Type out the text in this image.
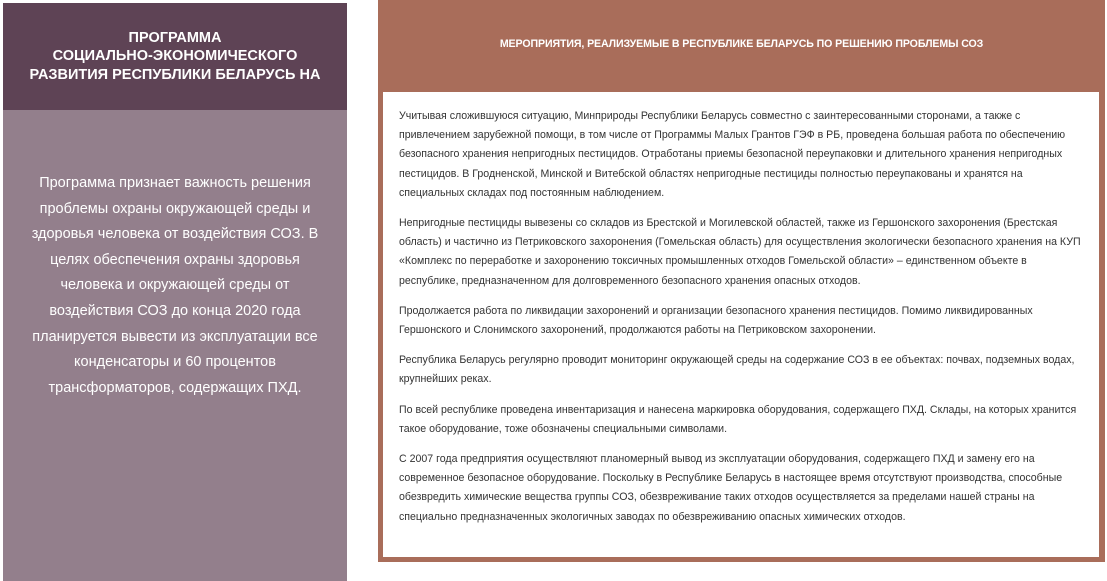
ПРОГРАММА
СОЦИАЛЬНО-ЭКОНОМИЧЕСКОГО
РАЗВИТИЯ РЕСПУБЛИКИ БЕЛАРУСЬ НА
Программа признает важность решения проблемы охраны окружающей среды и здоровья человека от воздействия СОЗ. В целях обеспечения охраны здоровья человека и окружающей среды от воздействия СОЗ до конца 2020 года планируется вывести из эксплуатации все конденсаторы и 60 процентов трансформаторов, содержащих ПХД.
МЕРОПРИЯТИЯ, РЕАЛИЗУЕМЫЕ В РЕСПУБЛИКЕ БЕЛАРУСЬ ПО РЕШЕНИЮ ПРОБЛЕМЫ СОЗ

Учитывая сложившуюся ситуацию, Минприроды Республики Беларусь совместно с заинтересованными сторонами, а также с привлечением зарубежной помощи, в том числе от Программы Малых Грантов ГЭФ в РБ, проведена большая работа по обеспечению безопасного хранения непригодных пестицидов. Отработаны приемы безопасной переупаковки и длительного хранения непригодных пестицидов. В Гродненской, Минской и Витебской областях непригодные пестициды полностью переупакованы и хранятся на специальных складах под постоянным наблюдением.

Непригодные пестициды вывезены со складов из Брестской и Могилевской областей, также из Гершонского захоронения (Брестская область) и частично из Петриковского захоронения (Гомельская область) для осуществления экологически безопасного хранения на КУП «Комплекс по переработке и захоронению токсичных промышленных отходов Гомельской области» – единственном объекте в республике, предназначенном для долговременного безопасного хранения опасных отходов.

Продолжается работа по ликвидации захоронений и организации безопасного хранения пестицидов. Помимо ликвидированных Гершонского и Слонимского захоронений, продолжаются работы на Петриковском захоронении.

Республика Беларусь регулярно проводит мониторинг окружающей среды на содержание СОЗ в ее объектах: почвах, подземных водах, крупнейших реках.

По всей республике проведена инвентаризация и нанесена маркировка оборудования, содержащего ПХД. Склады, на которых хранится такое оборудование, тоже обозначены специальными символами.

С 2007 года предприятия осуществляют планомерный вывод из эксплуатации оборудования, содержащего ПХД и замену его на современное безопасное оборудование. Поскольку в Республике Беларусь в настоящее время отсутствуют производства, способные обезвредить химические вещества группы СОЗ, обезвреживание таких отходов осуществляется за пределами нашей страны на специально предназначенных экологичных заводах по обезвреживанию опасных химических отходов.
